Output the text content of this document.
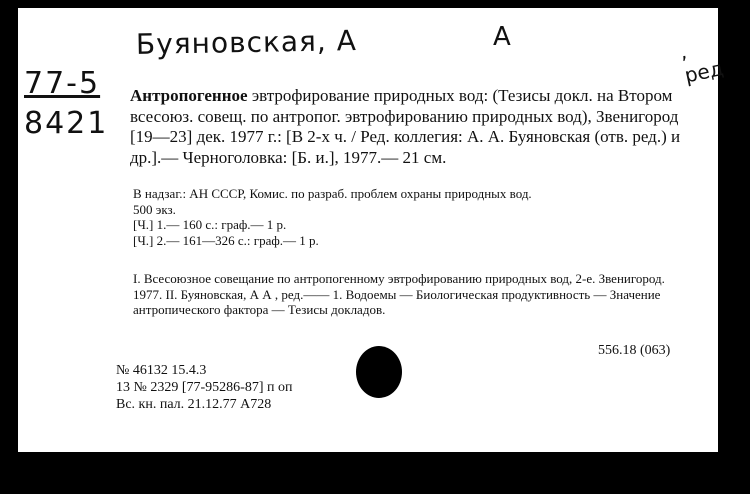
Буяновская, А	А	, ред
77-5
8421
Антропогенное эвтрофирование природных вод: (Тезисы докл. на Втором всесоюз. совещ. по антропог. эвтрофированию природных вод), Звенигород [19—23] дек. 1977 г.: [В 2-х ч. / Ред. коллегия: А. А. Буяновская (отв. ред.) и др.].— Черноголовка: [Б. и.], 1977.— 21 см.
В надзаг.: АН СССР, Комис. по разраб. проблем охраны природных вод.
500 экз.
[Ч.] 1.— 160 с.: граф.— 1 р.
[Ч.] 2.— 161—326 с.: граф.— 1 р.
I. Всесоюзное совещание по антропогенному эвтрофированию природных вод, 2-е. Звенигород. 1977. II. Буяновская, А А , ред.—— 1. Водоемы — Биологическая продуктивность — Значение антропического фактора — Тезисы докладов.
556.18 (063)
№ 46132 15.4.3
13 № 2329 [77-95286-87] п оп
Вс. кн. пал. 21.12.77 А728
